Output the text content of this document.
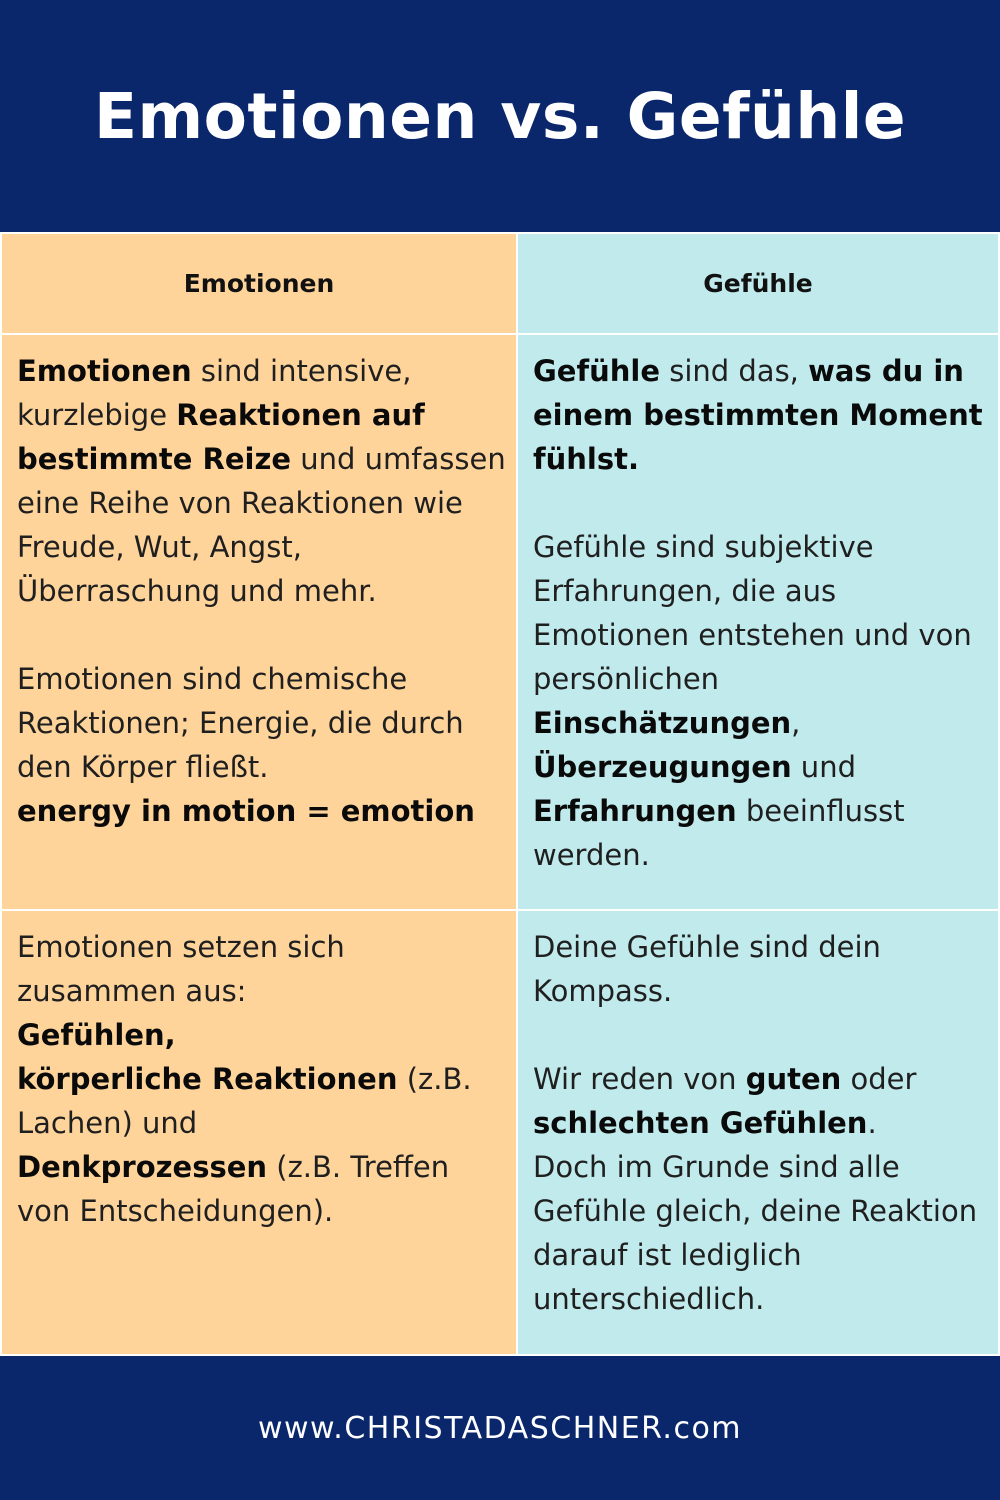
Emotionen vs. Gefühle
Emotionen	Gefühle

Emotionen sind intensive, kurzlebige Reaktionen auf bestimmte Reize und umfassen eine Reihe von Reaktionen wie Freude, Wut, Angst, Überraschung und mehr.

Emotionen sind chemische Reaktionen; Energie, die durch den Körper fließt.

energy in motion = emotion

Gefühle sind das, was du in einem bestimmten Moment fühlst.

Gefühle sind subjektive Erfahrungen, die aus Emotionen entstehen und von persönlichen Einschätzungen, Überzeugungen und Erfahrungen beeinflusst werden.

Emotionen setzen sich zusammen aus:

Gefühlen,

körperliche Reaktionen (z.B. Lachen) und

Denkprozessen (z.B. Treffen von Entscheidungen).

Deine Gefühle sind dein Kompass.

Wir reden von guten oder schlechten Gefühlen.

Doch im Grunde sind alle Gefühle gleich, deine Reaktion darauf ist lediglich unterschiedlich.

www.CHRISTADASCHNER.com
